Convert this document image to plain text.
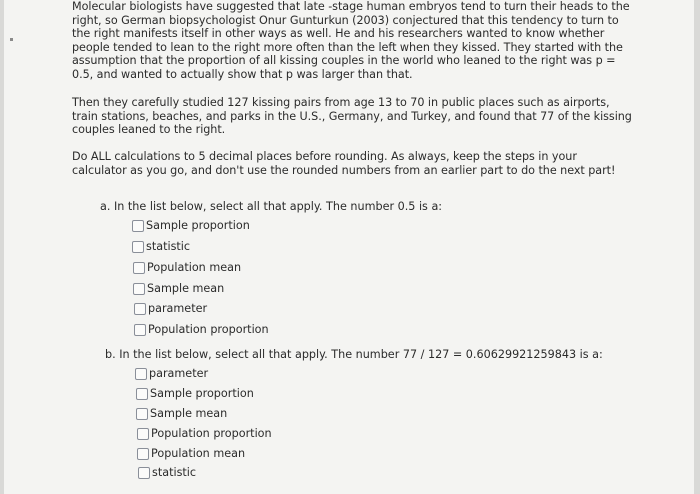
Molecular biologists have suggested that late -stage human embryos tend to turn their heads to the right, so German biopsychologist Onur Gunturkun (2003) conjectured that this tendency to turn to the right manifests itself in other ways as well. He and his researchers wanted to know whether people tended to lean to the right more often than the left when they kissed. They started with the assumption that the proportion of all kissing couples in the world who leaned to the right was p = 0.5, and wanted to actually show that p was larger than that.

Then they carefully studied 127 kissing pairs from age 13 to 70 in public places such as airports, train stations, beaches, and parks in the U.S., Germany, and Turkey, and found that 77 of the kissing couples leaned to the right.

Do ALL calculations to 5 decimal places before rounding. As always, keep the steps in your calculator as you go, and don't use the rounded numbers from an earlier part to do the next part!

a. In the list below, select all that apply. The number 0.5 is a:
Sample proportion
statistic
Population mean
Sample mean
parameter
Population proportion
b. In the list below, select all that apply. The number 77 / 127 = 0.60629921259843 is a:
parameter
Sample proportion
Sample mean
Population proportion
Population mean
statistic
